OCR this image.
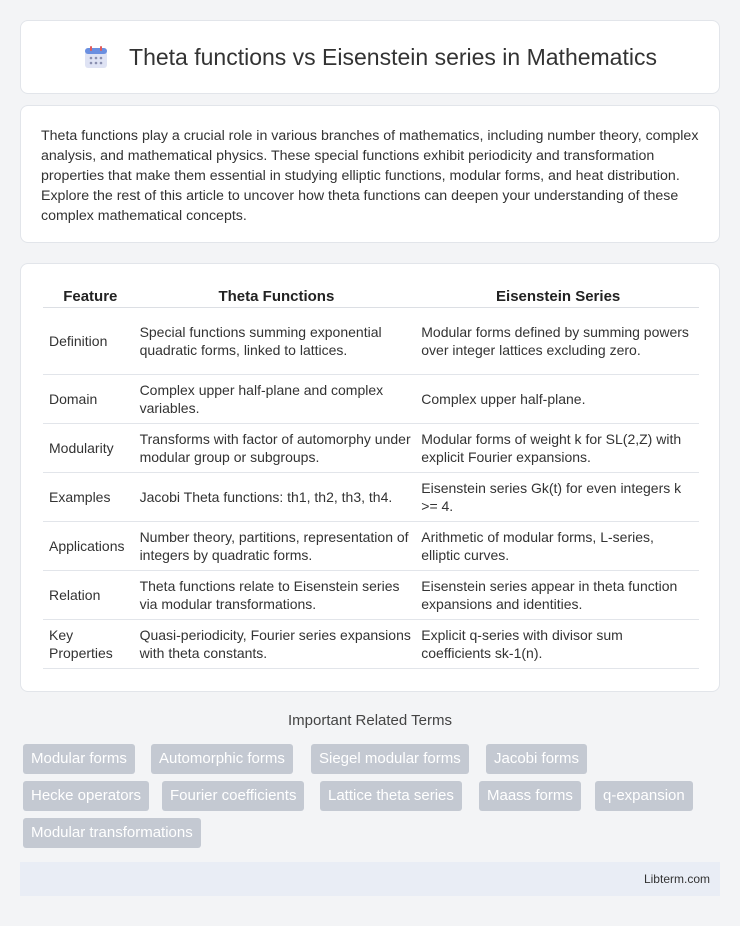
Theta functions vs Eisenstein series in Mathematics

Theta functions play a crucial role in various branches of mathematics, including number theory, complex analysis, and mathematical physics. These special functions exhibit periodicity and transformation properties that make them essential in studying elliptic functions, modular forms, and heat distribution. Explore the rest of this article to uncover how theta functions can deepen your understanding of these complex mathematical concepts.

Feature	Theta Functions	Eisenstein Series
Definition	Special functions summing exponential quadratic forms, linked to lattices.	Modular forms defined by summing powers over integer lattices excluding zero.
Domain	Complex upper half-plane and complex variables.	Complex upper half-plane.
Modularity	Transforms with factor of automorphy under modular group or subgroups.	Modular forms of weight k for SL(2,Z) with explicit Fourier expansions.
Examples	Jacobi Theta functions: th1, th2, th3, th4.	Eisenstein series Gk(t) for even integers k >= 4.
Applications	Number theory, partitions, representation of integers by quadratic forms.	Arithmetic of modular forms, L-series, elliptic curves.
Relation	Theta functions relate to Eisenstein series via modular transformations.	Eisenstein series appear in theta function expansions and identities.
Key Properties	Quasi-periodicity, Fourier series expansions with theta constants.	Explicit q-series with divisor sum coefficients sk-1(n).
Important Related Terms
Modular forms	Automorphic forms	Siegel modular forms	Jacobi forms
Hecke operators	Fourier coefficients	Lattice theta series	Maass forms	q-expansion
Modular transformations
Libterm.com
